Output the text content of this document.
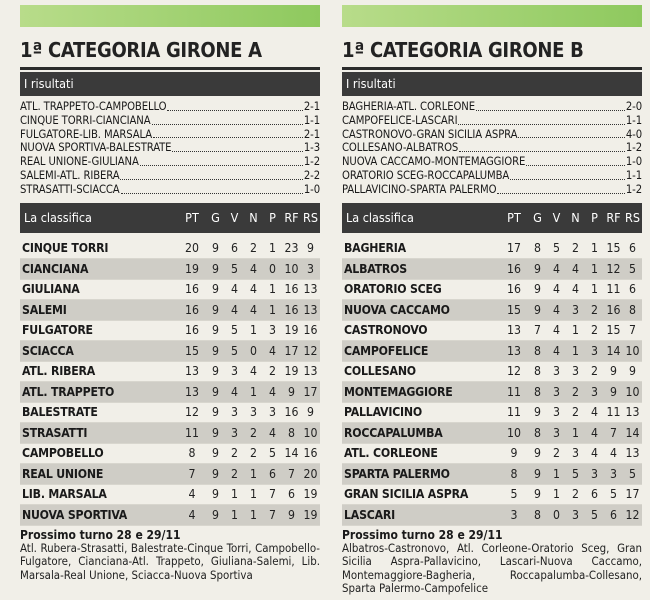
1ª CATEGORIA GIRONE A
I risultati
ATL. TRAPPETO-CAMPOBELLO	2-1
CINQUE TORRI-CIANCIANA	1-1
FULGATORE-LIB. MARSALA	2-1
NUOVA SPORTIVA-BALESTRATE	1-3
REAL UNIONE-GIULIANA	1-2
SALEMI-ATL. RIBERA	2-2
STRASATTI-SCIACCA	1-0
La classifica	PT G V N P RF RS
CINQUE TORRI	20	9 6 2 1 23 9
CIANCIANA	19	9 5 4 0 10 3
GIULIANA	16	9 4 4 1 16 13
SALEMI	16	9 4 4 1 16 13
FULGATORE	16	9 5 1 3 19 16
SCIACCA	15	9 5 0 4 17 12
ATL. RIBERA	13	9 3 4 2 19 13
ATL. TRAPPETO	13	9 4 1 4 9 17
BALESTRATE	12	9 3 3 3 16 9
STRASATTI	11	9 3 2 4 8 10
CAMPOBELLO	8	9 2 2 5 14 16
REAL UNIONE	7	9 2 1 6 7 20
LIB. MARSALA	4	9 1 1 7 6 19
NUOVA SPORTIVA	4	9 1 1 7 9 19
Prossimo turno 28 e 29/11
Atl. Rubera-Strasatti, Balestrate-Cinque Torri, Campobello-Fulgatore, Cianciana-Atl. Trappeto, Giuliana-Salemi, Lib. Marsala-Real Unione, Sciacca-Nuova Sportiva
1ª CATEGORIA GIRONE B
I risultati
BAGHERIA-ATL. CORLEONE	2-0
CAMPOFELICE-LASCARI	1-1
CASTRONOVO-GRAN SICILIA ASPRA	4-0
COLLESANO-ALBATROS	1-2
NUOVA CACCAMO-MONTEMAGGIORE	1-0
ORATORIO SCEG-ROCCAPALUMBA	1-1
PALLAVICINO-SPARTA PALERMO	1-2
La classifica	PT G V N P RF RS
BAGHERIA	17	8 5 2 1 15 6
ALBATROS	16	9 4 4 1 12 5
ORATORIO SCEG	16	9 4 4 1 11 6
NUOVA CACCAMO	15	9 4 3 2 16 8
CASTRONOVO	13	7 4 1 2 15 7
CAMPOFELICE	13	8 4 1 3 14 10
COLLESANO	12	8 3 3 2 9 9
MONTEMAGGIORE	11	8 3 2 3 9 10
PALLAVICINO	11	9 3 2 4 11 13
ROCCAPALUMBA	10	8 3 1 4 7 14
ATL. CORLEONE	9	9 2 3 4 4 13
SPARTA PALERMO	8	9 1 5 3 3 5
GRAN SICILIA ASPRA	5	9 1 2 6 5 17
LASCARI	3	8 0 3 5 6 12
Prossimo turno 28 e 29/11
Albatros-Castronovo, Atl. Corleone-Oratorio Sceg, Gran Sicilia Aspra-Pallavicino, Lascari-Nuova Caccamo, Montemaggiore-Bagheria, Roccapalumba-Collesano, Sparta Palermo-Campofelice
